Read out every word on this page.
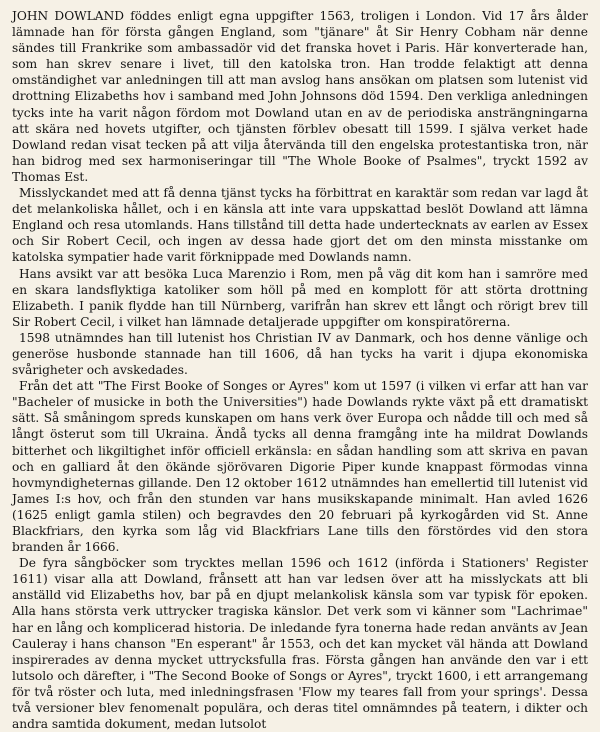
JOHN DOWLAND föddes enligt egna uppgifter 1563, troligen i London. Vid 17 års ålder lämnade han för första gången England, som "tjänare" åt Sir Henry Cobham när denne sändes till Frankrike som ambassadör vid det franska hovet i Paris. Här konverterade han, som han skrev senare i livet, till den katolska tron. Han trodde felaktigt att denna omständighet var anledningen till att man avslog hans ansökan om platsen som lutenist vid drottning Elizabeths hov i samband med John Johnsons död 1594. Den verkliga anledningen tycks inte ha varit någon fördom mot Dowland utan en av de periodiska ansträngningarna att skära ned hovets utgifter, och tjänsten förblev obesatt till 1599. I själva verket hade Dowland redan visat tecken på att vilja återvända till den engelska protestantiska tron, när han bidrog med sex harmoniseringar till "The Whole Booke of Psalmes", tryckt 1592 av Thomas Est.

Misslyckandet med att få denna tjänst tycks ha förbittrat en karaktär som redan var lagd åt det melankoliska hållet, och i en känsla att inte vara uppskattad beslöt Dowland att lämna England och resa utomlands. Hans tillstånd till detta hade undertecknats av earlen av Essex och Sir Robert Cecil, och ingen av dessa hade gjort det om den minsta misstanke om katolska sympatier hade varit förknippade med Dowlands namn.

Hans avsikt var att besöka Luca Marenzio i Rom, men på väg dit kom han i samröre med en skara landsflyktiga katoliker som höll på med en komplott för att störta drottning Elizabeth. I panik flydde han till Nürnberg, varifrån han skrev ett långt och rörigt brev till Sir Robert Cecil, i vilket han lämnade detaljerade uppgifter om konspiratörerna.

1598 utnämndes han till lutenist hos Christian IV av Danmark, och hos denne vänlige och generöse husbonde stannade han till 1606, då han tycks ha varit i djupa ekonomiska svårigheter och avskedades.

Från det att "The First Booke of Songes or Ayres" kom ut 1597 (i vilken vi erfar att han var "Bacheler of musicke in both the Universities") hade Dowlands rykte växt på ett dramatiskt sätt. Så småningom spreds kunskapen om hans verk över Europa och nådde till och med så långt österut som till Ukraina. Ändå tycks all denna framgång inte ha mildrat Dowlands bitterhet och likgiltighet inför officiell erkänsla: en sådan handling som att skriva en pavan och en galliard åt den ökände sjörövaren Digorie Piper kunde knappast förmodas vinna hovmyndigheternas gillande. Den 12 oktober 1612 utnämndes han emellertid till lutenist vid James I:s hov, och från den stunden var hans musikskapande minimalt. Han avled 1626 (1625 enligt gamla stilen) och begravdes den 20 februari på kyrkogården vid St. Anne Blackfriars, den kyrka som låg vid Blackfriars Lane tills den förstördes vid den stora branden år 1666.

De fyra sångböcker som trycktes mellan 1596 och 1612 (införda i Stationers' Register 1611) visar alla att Dowland, frånsett att han var ledsen över att ha misslyckats att bli anställd vid Elizabeths hov, bar på en djupt melankolisk känsla som var typisk för epoken. Alla hans största verk uttrycker tragiska känslor. Det verk som vi känner som "Lachrimae" har en lång och komplicerad historia. De inledande fyra tonerna hade redan använts av Jean Cauleray i hans chanson "En esperant" år 1553, och det kan mycket väl hända att Dowland inspirerades av denna mycket uttrycksfulla fras. Första gången han använde den var i ett lutsolo och därefter, i "The Second Booke of Songs or Ayres", tryckt 1600, i ett arrangemang för två röster och luta, med inledningsfrasen 'Flow my teares fall from your springs'. Dessa två versioner blev fenomenalt populära, och deras titel omnämndes på teatern, i dikter och andra samtida dokument, medan lutsolot
